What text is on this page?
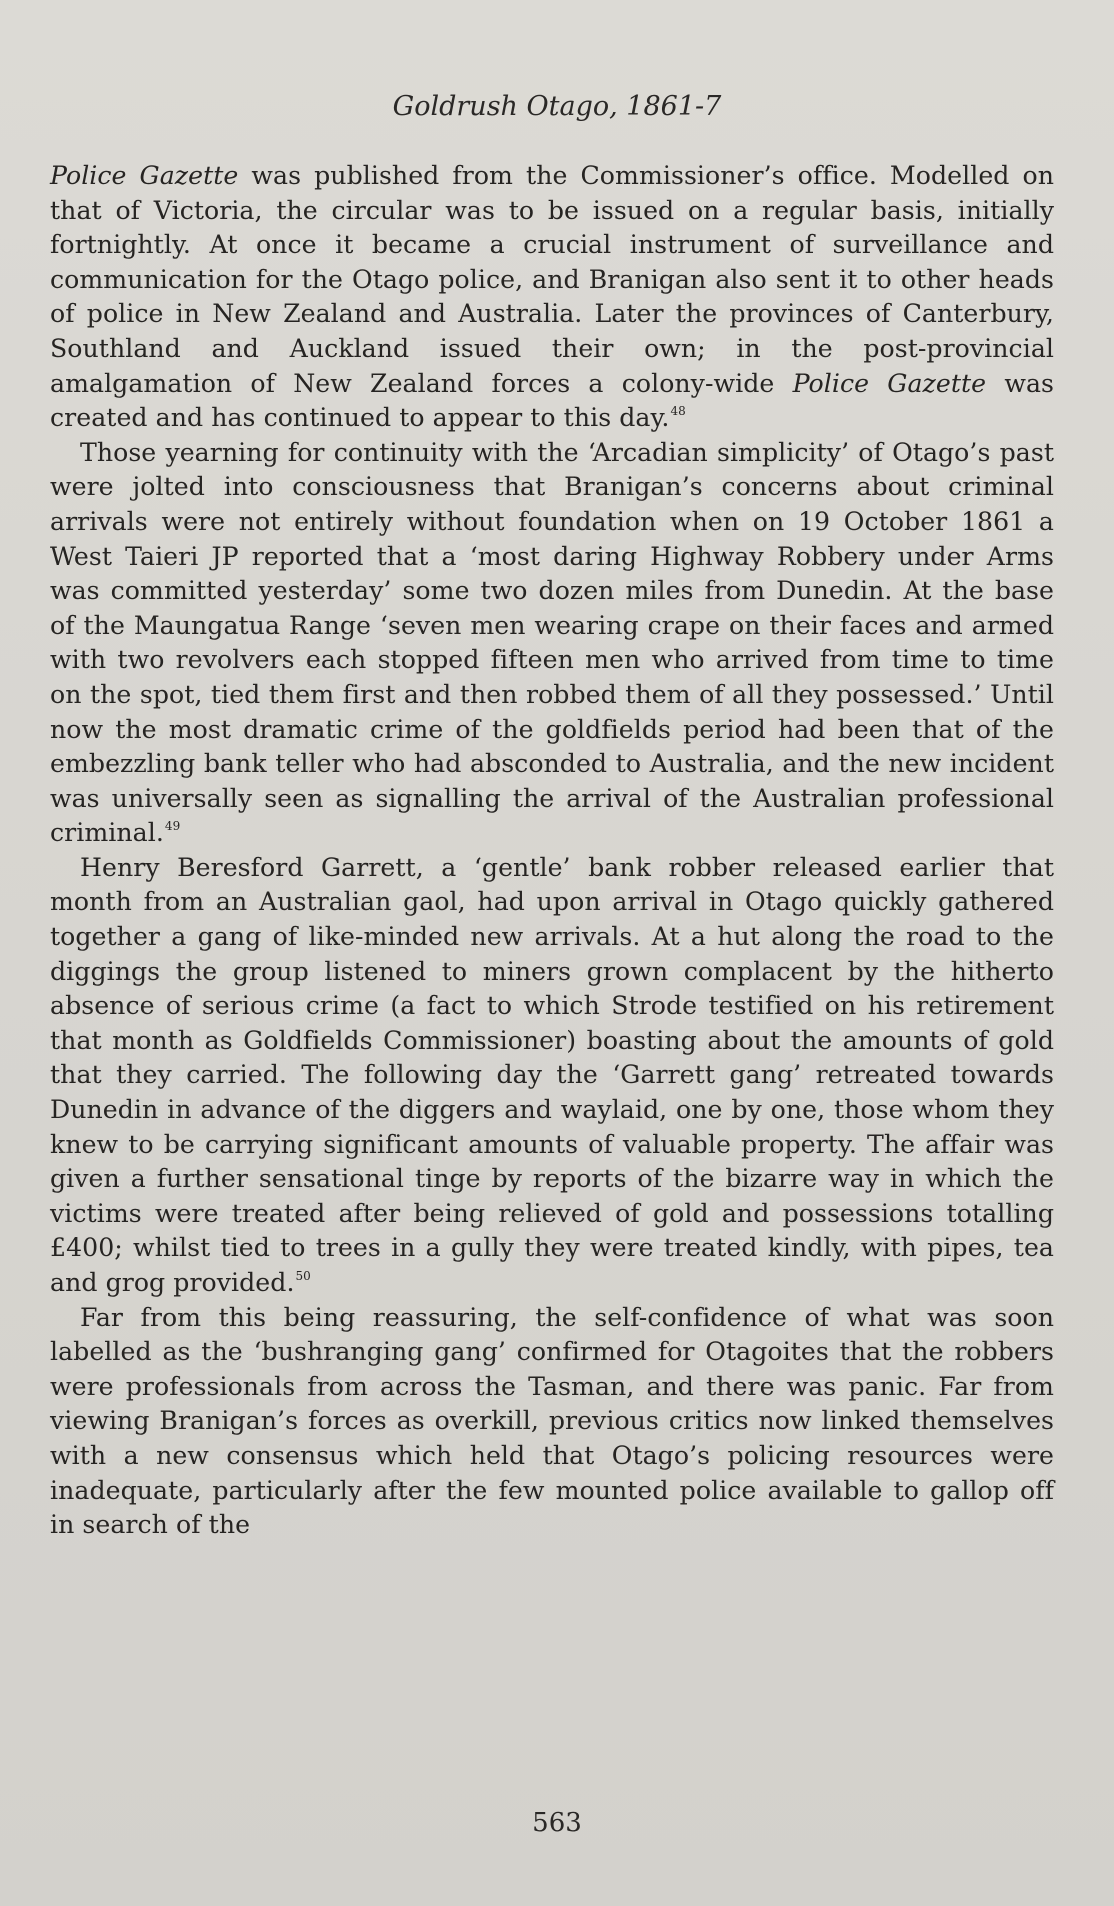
Goldrush Otago, 1861-7

Police Gazette was published from the Commissioner’s office. Modelled on that of Victoria, the circular was to be issued on a regular basis, initially fortnightly. At once it became a crucial instrument of surveillance and communication for the Otago police, and Branigan also sent it to other heads of police in New Zealand and Australia. Later the provinces of Canterbury, Southland and Auckland issued their own; in the post-provincial amalgamation of New Zealand forces a colony-wide Police Gazette was created and has continued to appear to this day.$^{48}$

Those yearning for continuity with the ‘Arcadian simplicity’ of Otago’s past were jolted into consciousness that Branigan’s concerns about criminal arrivals were not entirely without foundation when on 19 October 1861 a West Taieri JP reported that a ‘most daring Highway Robbery under Arms was committed yesterday’ some two dozen miles from Dunedin. At the base of the Maungatua Range ‘seven men wearing crape on their faces and armed with two revolvers each stopped fifteen men who arrived from time to time on the spot, tied them first and then robbed them of all they possessed.’ Until now the most dramatic crime of the goldfields period had been that of the embezzling bank teller who had absconded to Australia, and the new incident was universally seen as signalling the arrival of the Australian professional criminal.$^{49}$

Henry Beresford Garrett, a ‘gentle’ bank robber released earlier that month from an Australian gaol, had upon arrival in Otago quickly gathered together a gang of like-minded new arrivals. At a hut along the road to the diggings the group listened to miners grown complacent by the hitherto absence of serious crime (a fact to which Strode testified on his retirement that month as Goldfields Commissioner) boasting about the amounts of gold that they carried. The following day the ‘Garrett gang’ retreated towards Dunedin in advance of the diggers and waylaid, one by one, those whom they knew to be carrying significant amounts of valuable property. The affair was given a further sensational tinge by reports of the bizarre way in which the victims were treated after being relieved of gold and possessions totalling £400; whilst tied to trees in a gully they were treated kindly, with pipes, tea and grog provided.$^{50}$

Far from this being reassuring, the self-confidence of what was soon labelled as the ‘bushranging gang’ confirmed for Otagoites that the robbers were professionals from across the Tasman, and there was panic. Far from viewing Branigan’s forces as overkill, previous critics now linked themselves with a new consensus which held that Otago’s policing resources were inadequate, particularly after the few mounted police available to gallop off in search of the

563
